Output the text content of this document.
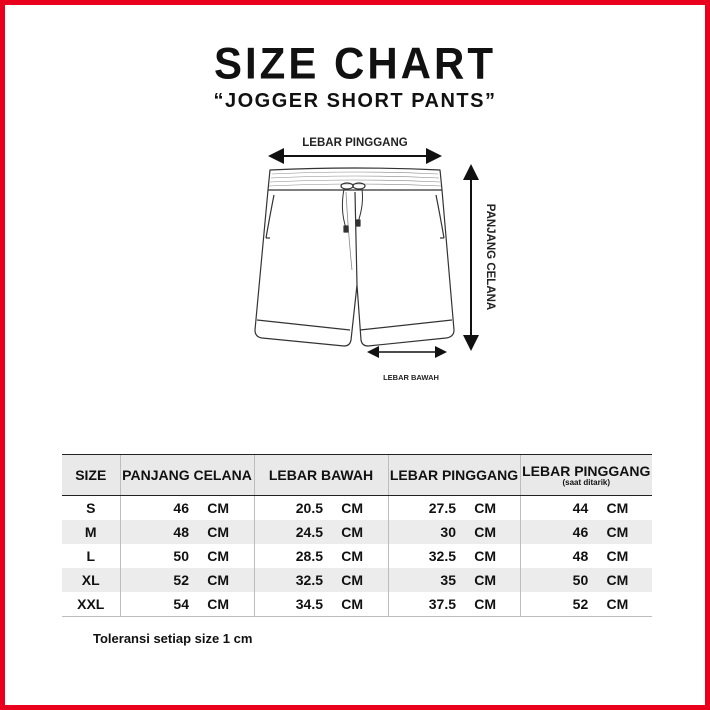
SIZE CHART
“JOGGER SHORT PANTS”
LEBAR PINGGANG
PANJANG CELANA
LEBAR BAWAH
SIZE	PANJANG CELANA	LEBAR BAWAH	LEBAR PINGGANG	LEBAR PINGGANG
(saat ditarik)

S	46 CM	20.5 CM	27.5 CM	44 CM
M	48 CM	24.5 CM	30 CM	46 CM
L	50 CM	28.5 CM	32.5 CM	48 CM
XL	52 CM	32.5 CM	35 CM	50 CM
XXL	54 CM	34.5 CM	37.5 CM	52 CM
Toleransi setiap size 1 cm
